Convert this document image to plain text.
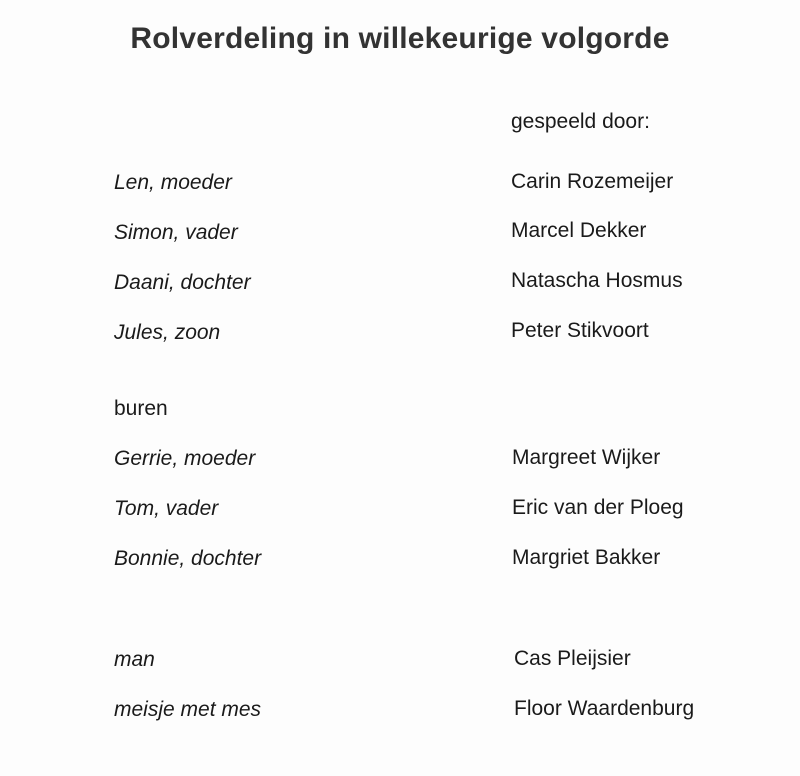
Rolverdeling in willekeurige volgorde
gespeeld door:
Len, moeder	Carin Rozemeijer
Simon, vader	Marcel Dekker
Daani, dochter	Natascha Hosmus
Jules, zoon	Peter Stikvoort
buren
Gerrie, moeder	Margreet Wijker
Tom, vader	Eric van der Ploeg
Bonnie, dochter	Margriet Bakker
man	Cas Pleijsier
meisje met mes	Floor Waardenburg
